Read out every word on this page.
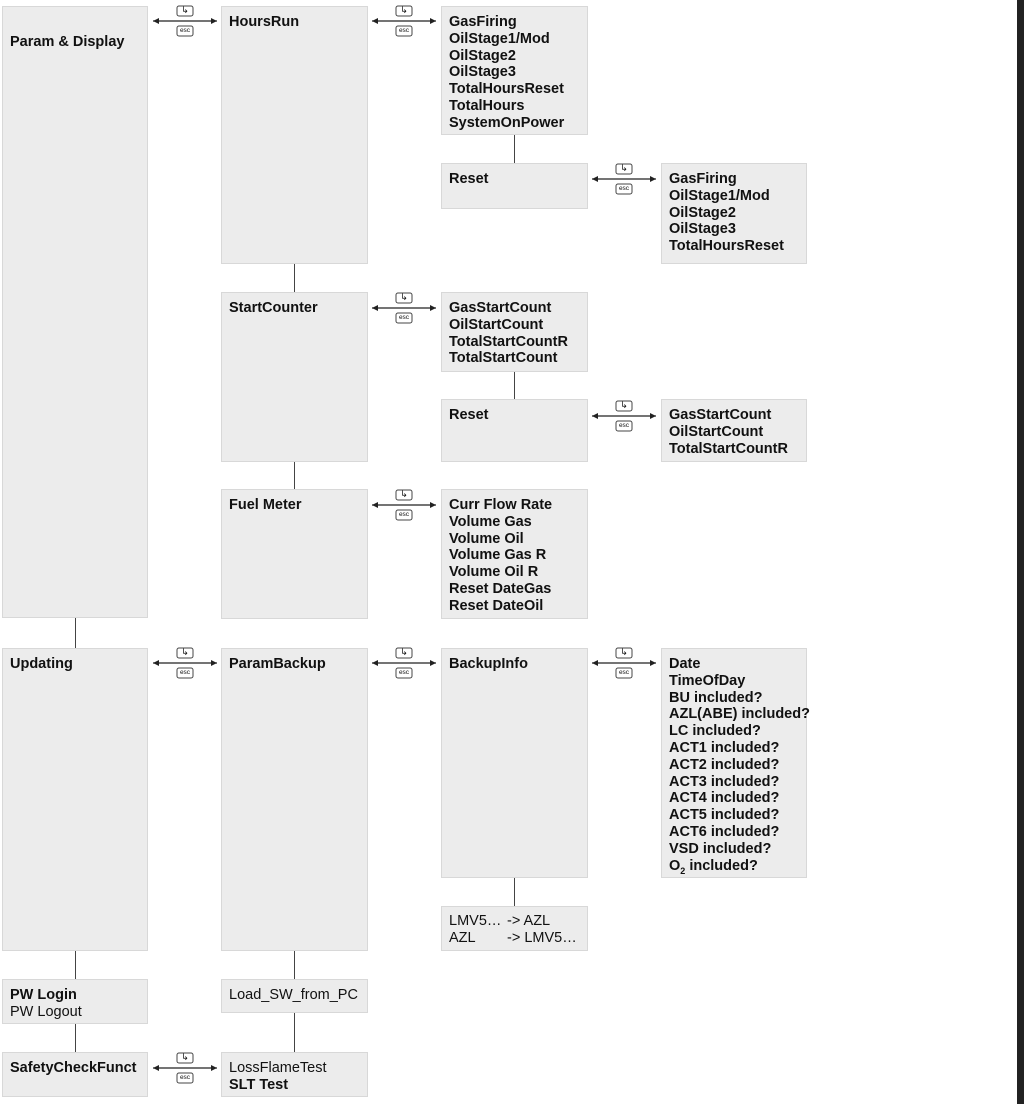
Param & Display
Updating
PW Login
PW Logout
SafetyCheckFunct
HoursRun
StartCounter
Fuel Meter
ParamBackup
Load_SW_from_PC
LossFlameTest
SLT Test
GasFiring
OilStage1/Mod
OilStage2
OilStage3
TotalHoursReset
TotalHours
SystemOnPower
Reset
GasStartCount
OilStartCount
TotalStartCountR
TotalStartCount
Reset
Curr Flow Rate
Volume Gas
Volume Oil
Volume Gas R
Volume Oil R
Reset DateGas
Reset DateOil
BackupInfo
LMV5… -> AZL
AZL	-> LMV5…
GasFiring
OilStage1/Mod
OilStage2
OilStage3
TotalHoursReset
GasStartCount
OilStartCount
TotalStartCountR
Date
TimeOfDay
BU included?
AZL(ABE) included?
LC included?
ACT1 included?
ACT2 included?
ACT3 included?
ACT4 included?
ACT5 included?
ACT6 included?
VSD included?
$O_2$ included?
↳
esc
↳
esc
↳
esc
↳
esc
↳
esc
↳
esc
↳
esc
↳
esc
↳
esc
↳
esc
